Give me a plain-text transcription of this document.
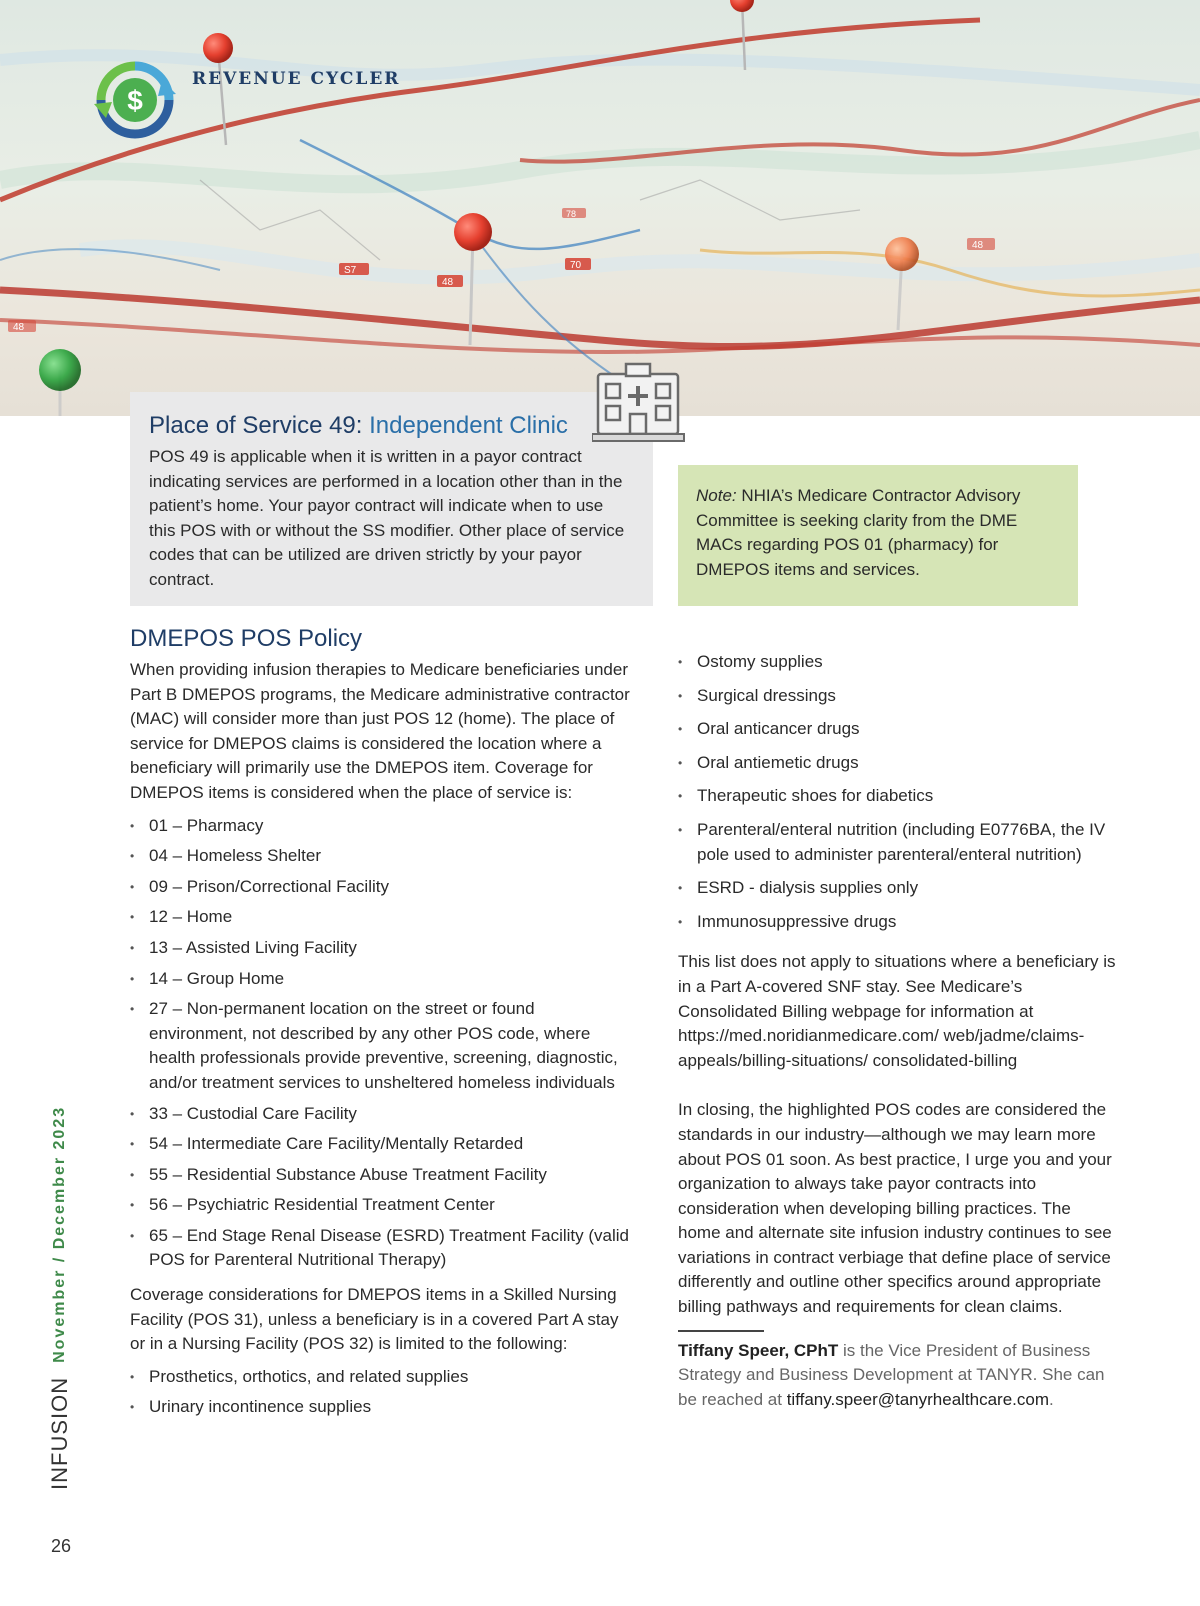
S7
48
70
78
48
48
$
REVENUE CYCLER
Place of Service 49: Independent Clinic

POS 49 is applicable when it is written in a payor contract indicating services are performed in a location other than in the patient’s home. Your payor contract will indicate when to use this POS with or without the SS modifier. Other place of service codes that can be utilized are driven strictly by your payor contract.

Note: NHIA’s Medicare Contractor Advisory Committee is seeking clarity from the DME MACs regarding POS 01 (pharmacy) for DMEPOS items and services.

DMEPOS POS Policy

When providing infusion therapies to Medicare beneficiaries under Part B DMEPOS programs, the Medicare administrative contractor (MAC) will consider more than just POS 12 (home). The place of service for DMEPOS claims is considered the location where a beneficiary will primarily use the DMEPOS item. Coverage for DMEPOS items is considered when the place of service is:

• 01 – Pharmacy
• 04 – Homeless Shelter
• 09 – Prison/Correctional Facility
• 12 – Home
• 13 – Assisted Living Facility
• 14 – Group Home
• 27 – Non-permanent location on the street or found environment, not described by any other POS code, where health professionals provide preventive, screening, diagnostic, and/or treatment services to unsheltered homeless individuals
• 33 – Custodial Care Facility
• 54 – Intermediate Care Facility/Mentally Retarded
• 55 – Residential Substance Abuse Treatment Facility
• 56 – Psychiatric Residential Treatment Center
• 65 – End Stage Renal Disease (ESRD) Treatment Facility (valid POS for Parenteral Nutritional Therapy)

Coverage considerations for DMEPOS items in a Skilled Nursing Facility (POS 31), unless a beneficiary is in a covered Part A stay or in a Nursing Facility (POS 32) is limited to the following:

• Prosthetics, orthotics, and related supplies
• Urinary incontinence supplies
• Ostomy supplies
• Surgical dressings
• Oral anticancer drugs
• Oral antiemetic drugs
• Therapeutic shoes for diabetics
• Parenteral/enteral nutrition (including E0776BA, the IV pole used to administer parenteral/enteral nutrition)
• ESRD - dialysis supplies only
• Immunosuppressive drugs

This list does not apply to situations where a beneficiary is in a Part A-covered SNF stay. See Medicare’s Consolidated Billing webpage for information at https://med.noridianmedicare.com/ web/jadme/claims-appeals/billing-situations/ consolidated-billing

In closing, the highlighted POS codes are considered the standards in our industry—although we may learn more about POS 01 soon. As best practice, I urge you and your organization to always take payor contracts into consideration when developing billing practices. The home and alternate site infusion industry continues to see variations in contract verbiage that define place of service differently and outline other specifics around appropriate billing pathways and requirements for clean claims.

Tiffany Speer, CPhT is the Vice President of Business Strategy and Business Development at TANYR. She can be reached at tiffany.speer@tanyrhealthcare.com.

INFUSION
November / December 2023
26
